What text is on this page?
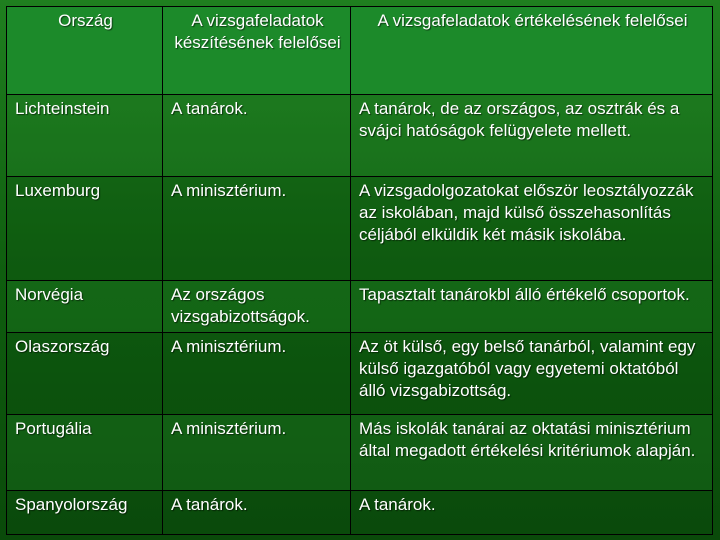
Ország	A vizsgafeladatok készítésének felelősei	A vizsgafeladatok értékelésének felelősei
Lichteinstein	A tanárok.	A tanárok, de az országos, az osztrák és a svájci hatóságok felügyelete mellett.
Luxemburg	A minisztérium.	A vizsgadolgozatokat először leosztályozzák az iskolában, majd külső összehasonlítás céljából elküldik két másik iskolába.
Norvégia	Az országos vizsgabizottságok.	Tapasztalt tanárokbl álló értékelő csoportok.
Olaszország	A minisztérium.	Az öt külső, egy belső tanárból, valamint egy külső igazgatóból vagy egyetemi oktatóból álló vizsgabizottság.
Portugália	A minisztérium.	Más iskolák tanárai az oktatási minisztérium által megadott értékelési kritériumok alapján.
Spanyolország	A tanárok.	A tanárok.
